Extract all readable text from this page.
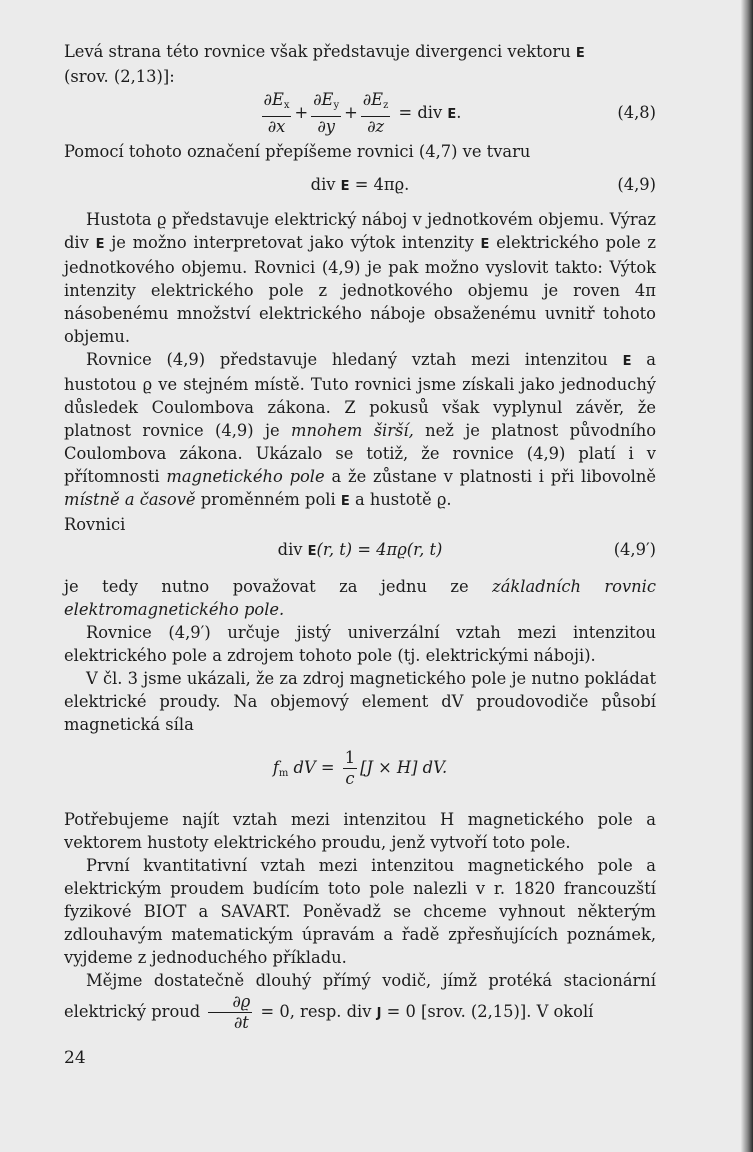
Levá strana této rovnice však představuje divergenci vektoru E
(srov. (2,13)]:

$\frac{\partial E_x}{\partial x} + \frac{\partial E_y}{\partial y} + \frac{\partial E_z}{\partial z}$ = div E.	(4,8)

Pomocí tohoto označení přepíšeme rovnici (4,7) ve tvaru

div E = 4πϱ.	(4,9)

Hustota ϱ představuje elektrický náboj v jednotkovém objemu. Výraz div E je možno interpretovat jako výtok intenzity E elektrického pole z jednotkového objemu. Rovnici (4,9) je pak možno vyslovit takto: Výtok intenzity elektrického pole z jednotkového objemu je roven 4π násobenému množství elektrického náboje obsaženému uvnitř tohoto objemu.

Rovnice (4,9) představuje hledaný vztah mezi intenzitou E a hustotou ϱ ve stejném místě. Tuto rovnici jsme získali jako jednoduchý důsledek Coulombova zákona. Z pokusů však vyplynul závěr, že platnost rovnice (4,9) je mnohem širší, než je platnost původního Coulombova zákona. Ukázalo se totiž, že rovnice (4,9) platí i v přítomnosti magnetického pole a že zůstane v platnosti i při libovolně místně a časově proměnném poli E a hustotě ϱ.
Rovnici

div E(r, t) = 4πϱ(r, t)	(4,9′)

je tedy nutno považovat za jednu ze základních rovnic elektromagnetického pole.

Rovnice (4,9′) určuje jistý univerzální vztah mezi intenzitou elektrického pole a zdrojem tohoto pole (tj. elektrickými náboji).

V čl. 3 jsme ukázali, že za zdroj magnetického pole je nutno pokládat elektrické proudy. Na objemový element dV proudovodiče působí magnetická síla

$f_m$ dV = $\frac{1}{c} [J \times H]$ dV.

Potřebujeme najít vztah mezi intenzitou H magnetického pole a vektorem hustoty elektrického proudu, jenž vytvoří toto pole.

První kvantitativní vztah mezi intenzitou magnetického pole a elektrickým proudem budícím toto pole nalezli v r. 1820 francouzští fyzikové BIOT a SAVART. Poněvadž se chceme vyhnout některým zdlouhavým matematickým úpravám a řadě zpřesňujících poznámek, vyjdeme z jednoduchého příkladu.

Mějme dostatečně dlouhý přímý vodič, jímž protéká stacionární elektrický proud $\frac{\partial ϱ}{\partial t} = 0$, resp. div J = 0 [srov. (2,15)]. V okolí

24
